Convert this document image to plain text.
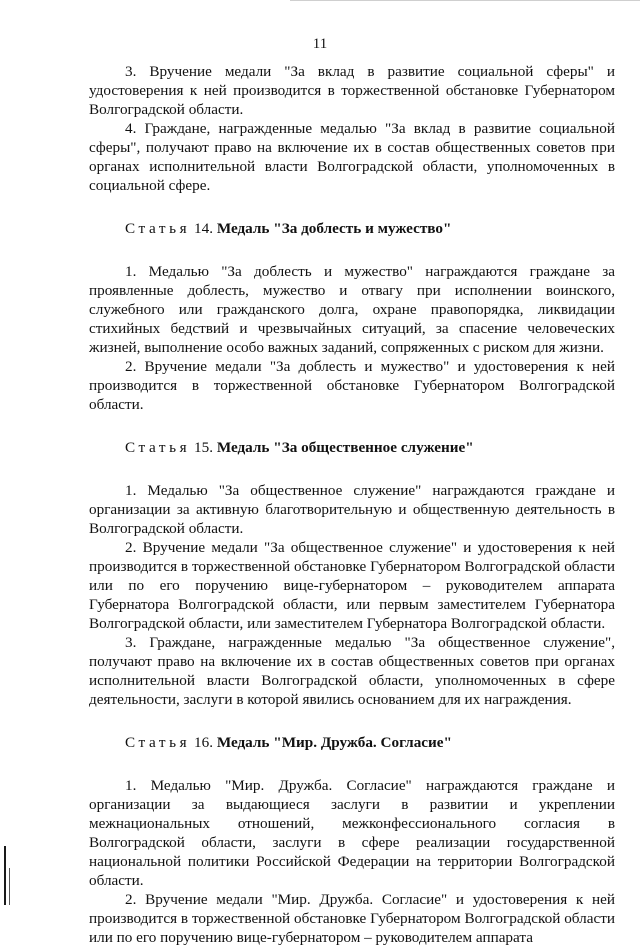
11

3. Вручение медали "За вклад в развитие социальной сферы" и удостоверения к ней производится в торжественной обстановке Губернатором Волгоградской области.

4. Граждане, награжденные медалью "За вклад в развитие социальной сферы", получают право на включение их в состав общественных советов при органах исполнительной власти Волгоградской области, уполномоченных в социальной сфере.

Статья 14. Медаль "За доблесть и мужество"

1. Медалью "За доблесть и мужество" награждаются граждане за проявленные доблесть, мужество и отвагу при исполнении воинского, служебного или гражданского долга, охране правопорядка, ликвидации стихийных бедствий и чрезвычайных ситуаций, за спасение человеческих жизней, выполнение особо важных заданий, сопряженных с риском для жизни.

2. Вручение медали "За доблесть и мужество" и удостоверения к ней производится в торжественной обстановке Губернатором Волгоградской области.

Статья 15. Медаль "За общественное служение"

1. Медалью "За общественное служение" награждаются граждане и организации за активную благотворительную и общественную деятельность в Волгоградской области.

2. Вручение медали "За общественное служение" и удостоверения к ней производится в торжественной обстановке Губернатором Волгоградской области или по его поручению вице-губернатором – руководителем аппарата Губернатора Волгоградской области, или первым заместителем Губернатора Волгоградской области, или заместителем Губернатора Волгоградской области.

3. Граждане, награжденные медалью "За общественное служение", получают право на включение их в состав общественных советов при органах исполнительной власти Волгоградской области, уполномоченных в сфере деятельности, заслуги в которой явились основанием для их награждения.

Статья 16. Медаль "Мир. Дружба. Согласие"

1. Медалью "Мир. Дружба. Согласие" награждаются граждане и организации за выдающиеся заслуги в развитии и укреплении межнациональных отношений, межконфессионального согласия в Волгоградской области, заслуги в сфере реализации государственной национальной политики Российской Федерации на территории Волгоградской области.

2. Вручение медали "Мир. Дружба. Согласие" и удостоверения к ней производится в торжественной обстановке Губернатором Волгоградской области или по его поручению вице-губернатором – руководителем аппарата
